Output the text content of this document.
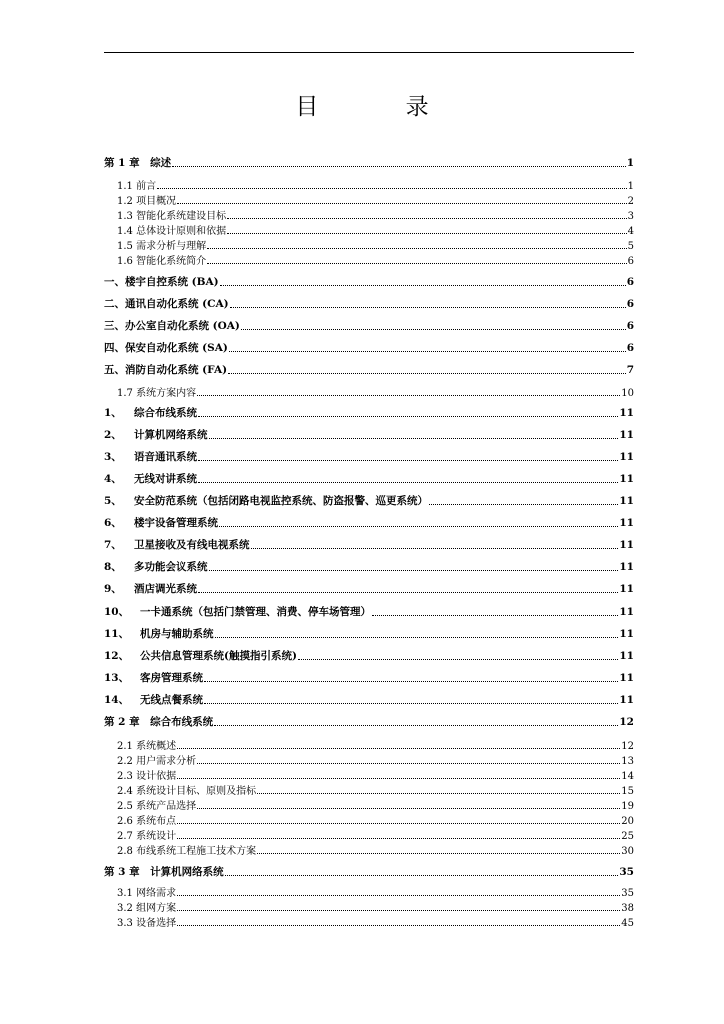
目 录
第 1 章　综述	1
1.1 前言	1
1.2 项目概况	2
1.3 智能化系统建设目标	3
1.4 总体设计原则和依据	4
1.5 需求分析与理解	5
1.6 智能化系统简介	6
一、楼宇自控系统 (BA)	6
二、通讯自动化系统 (CA)	6
三、办公室自动化系统 (OA)	6
四、保安自动化系统 (SA)	6
五、消防自动化系统 (FA)	7
1.7 系统方案内容	10
1、 综合布线系统	11
2、 计算机网络系统	11
3、 语音通讯系统	11
4、 无线对讲系统	11
5、 安全防范系统（包括闭路电视监控系统、防盗报警、巡更系统）	11
6、 楼宇设备管理系统	11
7、 卫星接收及有线电视系统	11
8、 多功能会议系统	11
9、 酒店调光系统	11
10、 一卡通系统（包括门禁管理、消费、停车场管理）	11
11、 机房与辅助系统	11
12、 公共信息管理系统(触摸指引系统)	11
13、 客房管理系统	11
14、 无线点餐系统	11
第 2 章　综合布线系统	12
2.1 系统概述	12
2.2 用户需求分析	13
2.3 设计依据	14
2.4 系统设计目标、原则及指标	15
2.5 系统产品选择	19
2.6 系统布点	20
2.7 系统设计	25
2.8 布线系统工程施工技术方案	30
第 3 章　计算机网络系统	35
3.1 网络需求	35
3.2 组网方案	38
3.3 设备选择	45
